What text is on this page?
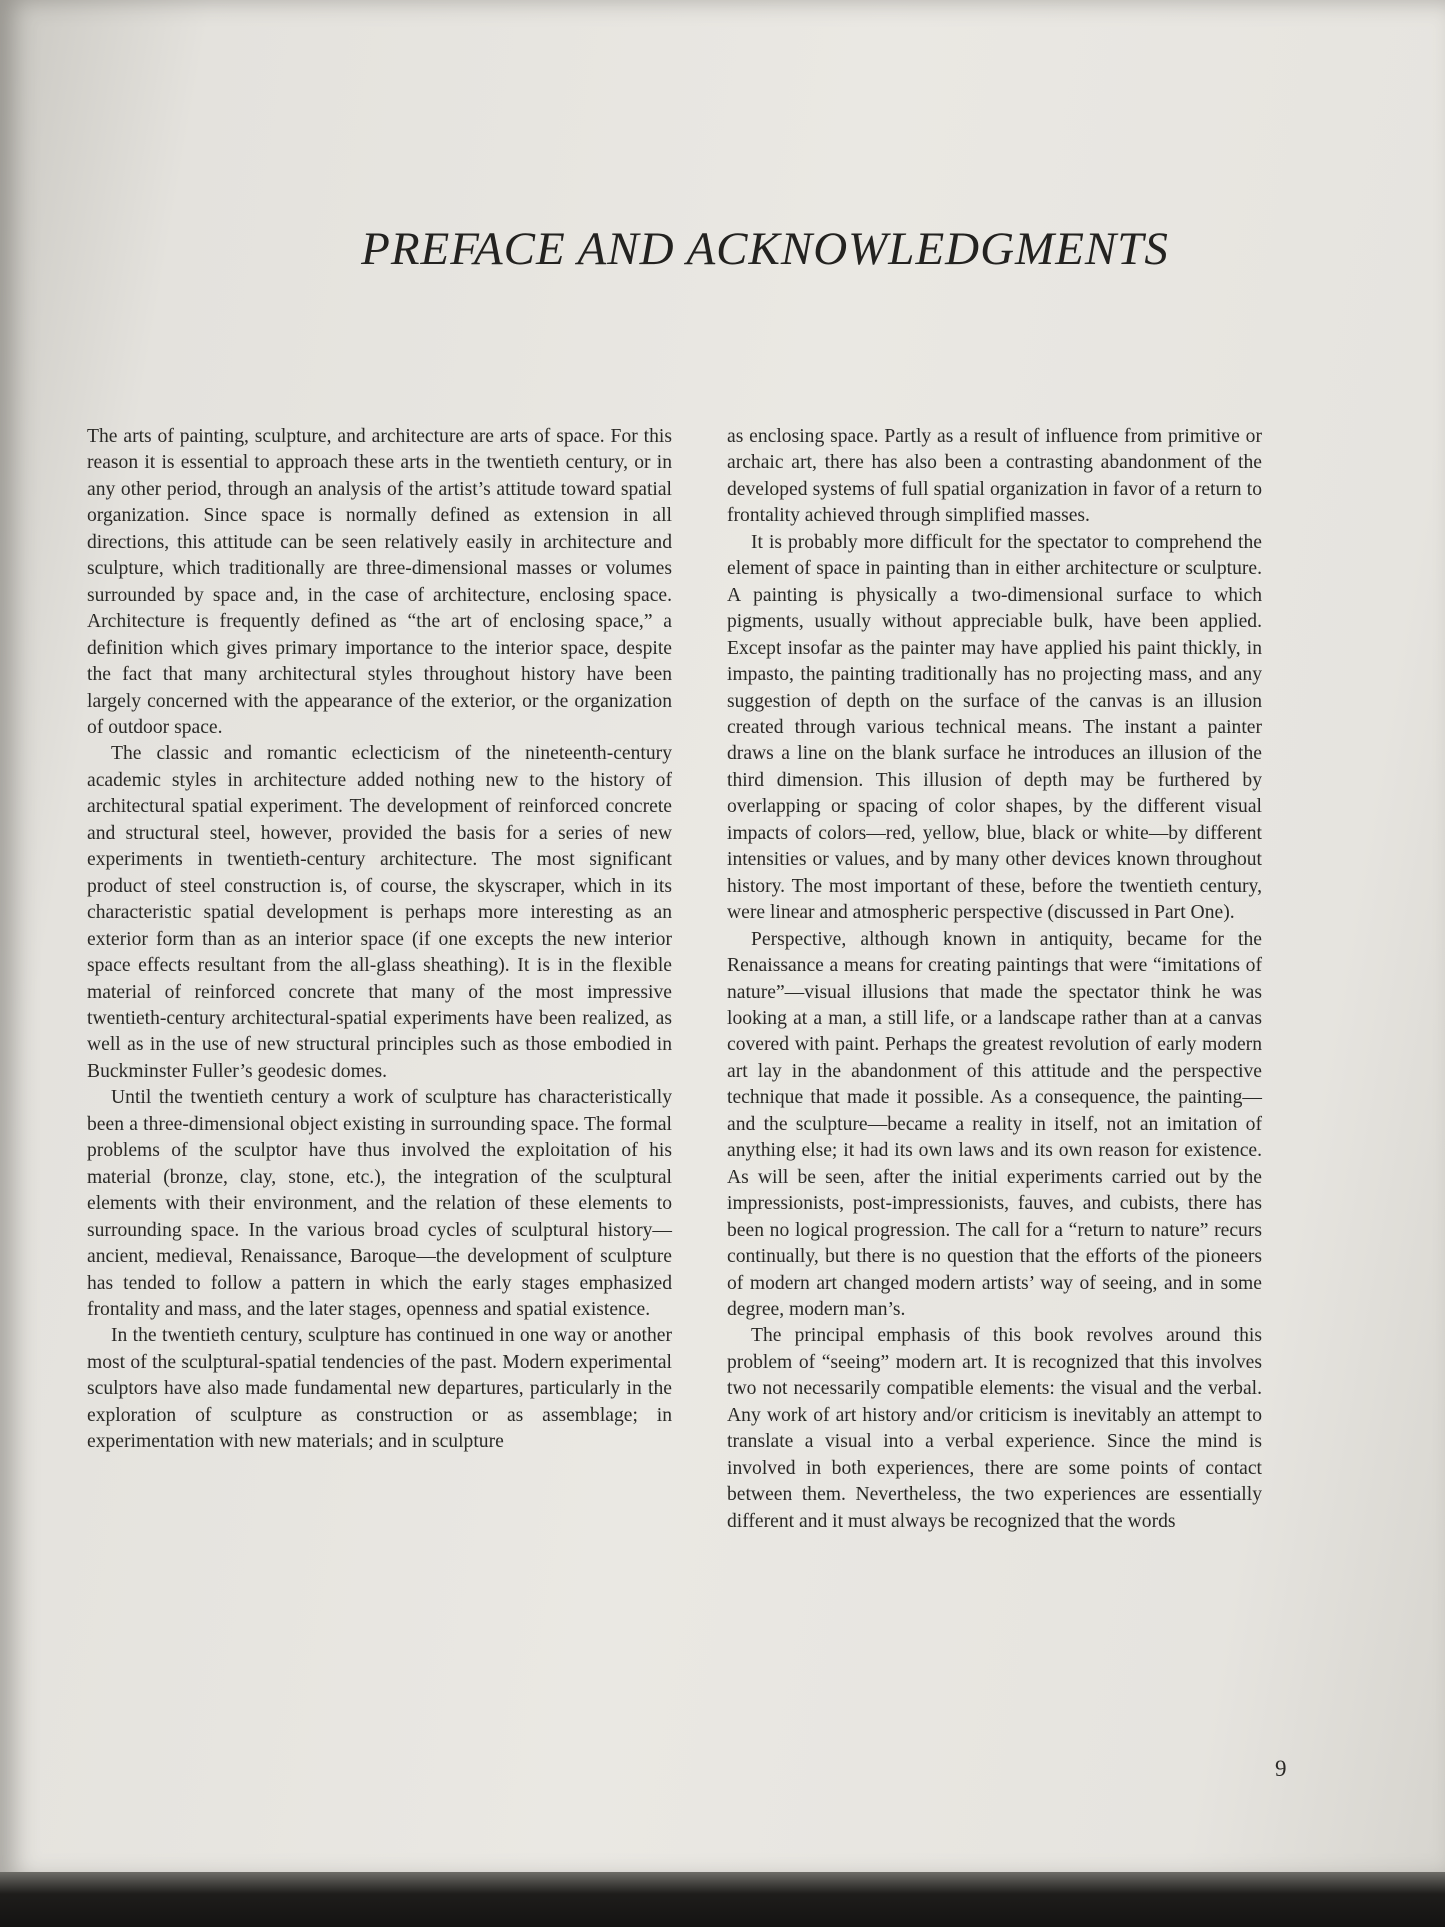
PREFACE AND ACKNOWLEDGMENTS

The arts of painting, sculpture, and architecture are arts of space. For this reason it is essential to approach these arts in the twentieth century, or in any other period, through an analysis of the artist’s attitude toward spatial organization. Since space is normally defined as extension in all directions, this attitude can be seen relatively easily in architecture and sculpture, which traditionally are three-dimensional masses or volumes surrounded by space and, in the case of architecture, enclosing space. Architecture is frequently defined as “the art of enclosing space,” a definition which gives primary importance to the interior space, despite the fact that many architectural styles throughout history have been largely concerned with the appearance of the exterior, or the organization of outdoor space.

The classic and romantic eclecticism of the nineteenth-century academic styles in architecture added nothing new to the history of architectural spatial experiment. The development of reinforced concrete and structural steel, however, provided the basis for a series of new experiments in twentieth-century architecture. The most significant product of steel construction is, of course, the skyscraper, which in its characteristic spatial development is perhaps more interesting as an exterior form than as an interior space (if one excepts the new interior space effects resultant from the all-glass sheathing). It is in the flexible material of reinforced concrete that many of the most impressive twentieth-century architectural-spatial experiments have been realized, as well as in the use of new structural principles such as those embodied in Buckminster Fuller’s geodesic domes.

Until the twentieth century a work of sculpture has characteristically been a three-dimensional object existing in surrounding space. The formal problems of the sculptor have thus involved the exploitation of his material (bronze, clay, stone, etc.), the integration of the sculptural elements with their environment, and the relation of these elements to surrounding space. In the various broad cycles of sculptural history—ancient, medieval, Renaissance, Baroque—the development of sculpture has tended to follow a pattern in which the early stages emphasized frontality and mass, and the later stages, openness and spatial existence.

In the twentieth century, sculpture has continued in one way or another most of the sculptural-spatial tendencies of the past. Modern experimental sculptors have also made fundamental new departures, particularly in the exploration of sculpture as construction or as assemblage; in experimentation with new materials; and in sculpture

as enclosing space. Partly as a result of influence from primitive or archaic art, there has also been a contrasting abandonment of the developed systems of full spatial organization in favor of a return to frontality achieved through simplified masses.

It is probably more difficult for the spectator to comprehend the element of space in painting than in either architecture or sculpture. A painting is physically a two-dimensional surface to which pigments, usually without appreciable bulk, have been applied. Except insofar as the painter may have applied his paint thickly, in impasto, the painting traditionally has no projecting mass, and any suggestion of depth on the surface of the canvas is an illusion created through various technical means. The instant a painter draws a line on the blank surface he introduces an illusion of the third dimension. This illusion of depth may be furthered by overlapping or spacing of color shapes, by the different visual impacts of colors—red, yellow, blue, black or white—by different intensities or values, and by many other devices known throughout history. The most important of these, before the twentieth century, were linear and atmospheric perspective (discussed in Part One).

Perspective, although known in antiquity, became for the Renaissance a means for creating paintings that were “imitations of nature”—visual illusions that made the spectator think he was looking at a man, a still life, or a landscape rather than at a canvas covered with paint. Perhaps the greatest revolution of early modern art lay in the abandonment of this attitude and the perspective technique that made it possible. As a consequence, the painting—and the sculpture—became a reality in itself, not an imitation of anything else; it had its own laws and its own reason for existence. As will be seen, after the initial experiments carried out by the impressionists, post-impressionists, fauves, and cubists, there has been no logical progression. The call for a “return to nature” recurs continually, but there is no question that the efforts of the pioneers of modern art changed modern artists’ way of seeing, and in some degree, modern man’s.

The principal emphasis of this book revolves around this problem of “seeing” modern art. It is recognized that this involves two not necessarily compatible elements: the visual and the verbal. Any work of art history and/or criticism is inevitably an attempt to translate a visual into a verbal experience. Since the mind is involved in both experiences, there are some points of contact between them. Nevertheless, the two experiences are essentially different and it must always be recognized that the words

9
